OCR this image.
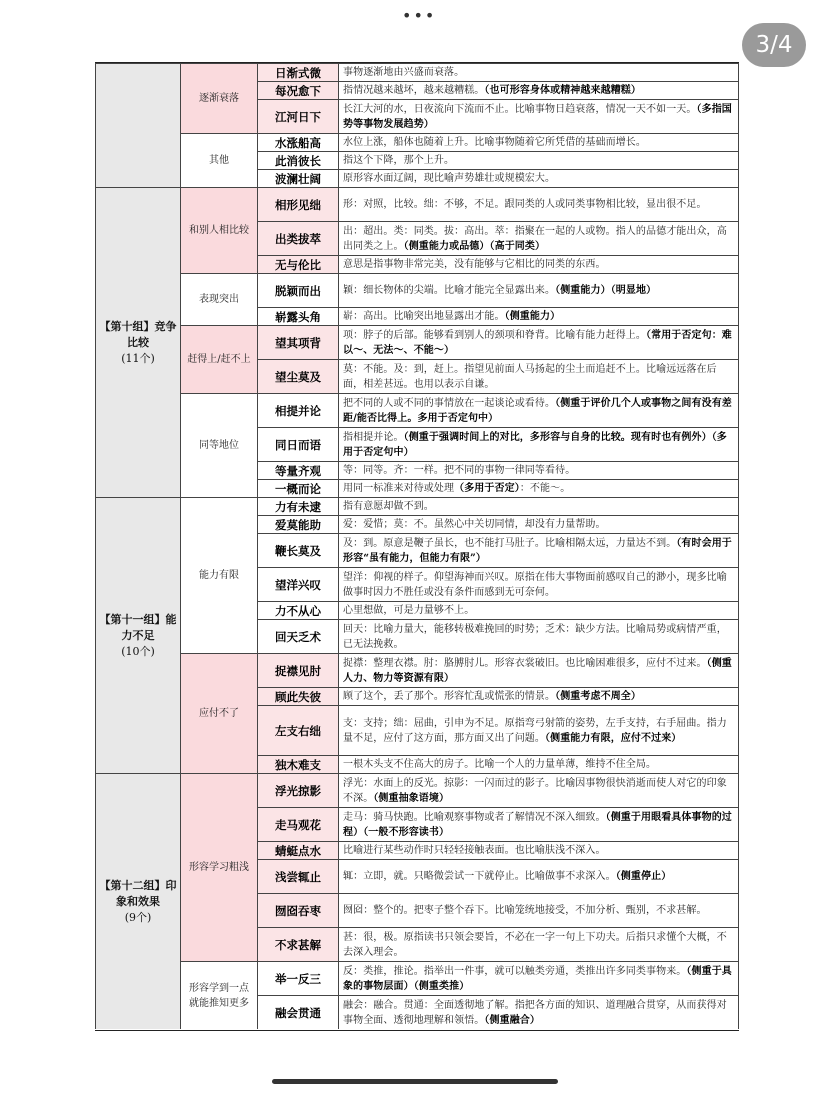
•••
3/4
	逐渐衰落	日渐式微	事物逐渐地由兴盛而衰落。
		每况愈下	指情况越来越坏，越来越糟糕。（也可形容身体或精神越来越糟糕）
		江河日下	长江大河的水，日夜流向下流而不止。比喻事物日趋衰落，情况一天不如一天。（多指国势等事物发展趋势）
	其他	水涨船高	水位上涨，船体也随着上升。比喻事物随着它所凭借的基础而增长。
		此消彼长	指这个下降，那个上升。
		波澜壮阔	原形容水面辽阔，现比喻声势雄壮或规模宏大。

【第十组】竞争比较
(11个)	和别人相比较	相形见绌	形：对照，比较。绌：不够，不足。跟同类的人或同类事物相比较，显出很不足。
		出类拔萃	出：超出。类：同类。拔：高出。萃：指聚在一起的人或物。指人的品德才能出众，高出同类之上。（侧重能力或品德）（高于同类）
		无与伦比	意思是指事物非常完美，没有能够与它相比的同类的东西。
	表现突出	脱颖而出	颖：细长物体的尖端。比喻才能完全显露出来。（侧重能力）（明显地）
		崭露头角	崭：高出。比喻突出地显露出才能。（侧重能力）
	赶得上/赶不上	望其项背	项：脖子的后部。能够看到别人的颈项和脊背。比喻有能力赶得上。（常用于否定句：难以～、无法～、不能～）
		望尘莫及	莫：不能。及：到，赶上。指望见前面人马扬起的尘土而追赶不上。比喻远远落在后面，相差甚远。也用以表示自谦。
	同等地位	相提并论	把不同的人或不同的事情放在一起谈论或看待。（侧重于评价几个人或事物之间有没有差距/能否比得上。多用于否定句中）
		同日而语	指相提并论。（侧重于强调时间上的对比，多形容与自身的比较。现有时也有例外）（多用于否定句中）
		等量齐观	等：同等。齐：一样。把不同的事物一律同等看待。
		一概而论	用同一标准来对待或处理（多用于否定）：不能～。

【第十一组】能力不足
(10个)	能力有限	力有未逮	指有意愿却做不到。
		爱莫能助	爱：爱惜；莫：不。虽然心中关切同情，却没有力量帮助。
		鞭长莫及	及：到。原意是鞭子虽长，也不能打马肚子。比喻相隔太远，力量达不到。（有时会用于形容“虽有能力，但能力有限”）
		望洋兴叹	望洋：仰视的样子。仰望海神而兴叹。原指在伟大事物面前感叹自己的渺小，现多比喻做事时因力不胜任或没有条件而感到无可奈何。
		力不从心	心里想做，可是力量够不上。
		回天乏术	回天：比喻力量大，能移转极难挽回的时势；乏术：缺少方法。比喻局势或病情严重，已无法挽救。
	应付不了	捉襟见肘	捉襟：整理衣襟。肘：胳膊肘儿。形容衣裳破旧。也比喻困难很多，应付不过来。（侧重人力、物力等资源有限）
		顾此失彼	顾了这个，丢了那个。形容忙乱或慌张的情景。（侧重考虑不周全）
		左支右绌	支：支持；绌：屈曲，引申为不足。原指弯弓射箭的姿势，左手支持，右手屈曲。指力量不足，应付了这方面，那方面又出了问题。（侧重能力有限，应付不过来）
		独木难支	一根木头支不住高大的房子。比喻一个人的力量单薄，维持不住全局。

【第十二组】印象和效果
(9个)	形容学习粗浅	浮光掠影	浮光：水面上的反光。掠影：一闪而过的影子。比喻因事物很快消逝而使人对它的印象不深。（侧重抽象语境）
		走马观花	走马：骑马快跑。比喻观察事物或者了解情况不深入细致。（侧重于用眼看具体事物的过程）（一般不形容读书）
		蜻蜓点水	比喻进行某些动作时只轻轻接触表面。也比喻肤浅不深入。
		浅尝辄止	辄：立即，就。只略微尝试一下就停止。比喻做事不求深入。（侧重停止）
		囫囵吞枣	囫囵：整个的。把枣子整个吞下。比喻笼统地接受，不加分析、甄别，不求甚解。
		不求甚解	甚：很，极。原指读书只领会要旨，不必在一字一句上下功夫。后指只求懂个大概，不去深入理会。
	形容学到一点就能推知更多	举一反三	反：类推，推论。指举出一件事，就可以触类旁通，类推出许多同类事物来。（侧重于具象的事物层面）（侧重类推）
		融会贯通	融会：融合。贯通：全面透彻地了解。指把各方面的知识、道理融合贯穿，从而获得对事物全面、透彻地理解和领悟。（侧重融合）
